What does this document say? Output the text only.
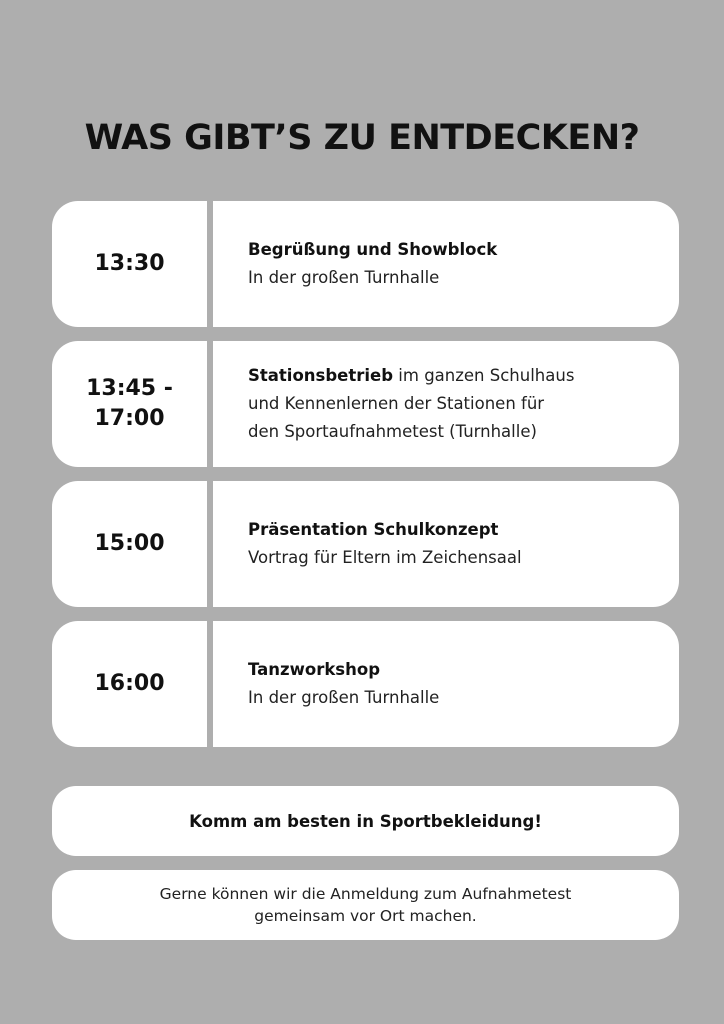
WAS GIBT’S ZU ENTDECKEN?
13:30
Begrüßung und Showblock
In der großen Turnhalle
13:45 -
17:00
Stationsbetrieb im ganzen Schulhaus
und Kennenlernen der Stationen für
den Sportaufnahmetest (Turnhalle)
15:00
Präsentation Schulkonzept
Vortrag für Eltern im Zeichensaal
16:00
Tanzworkshop
In der großen Turnhalle
Komm am besten in Sportbekleidung!
Gerne können wir die Anmeldung zum Aufnahmetest
gemeinsam vor Ort machen.
